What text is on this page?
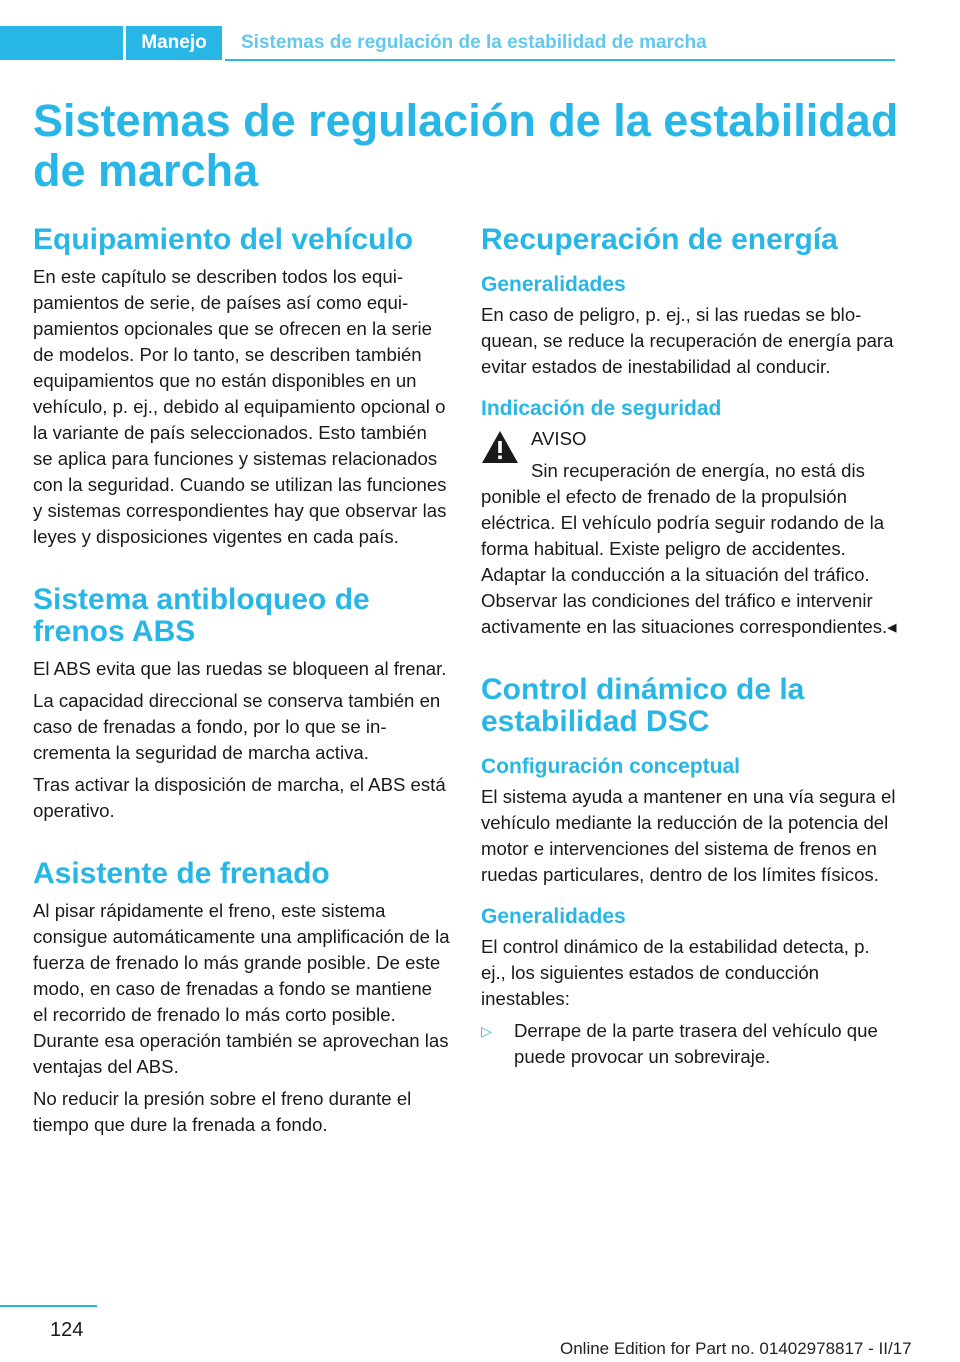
Manejo	Sistemas de regulación de la estabilidad de marcha
Sistemas de regulación de la estabilidad de marcha
Equipamiento del vehículo

En este capítulo se describen todos los equipamientos de serie, de países así como equipamientos opcionales que se ofrecen en la serie de modelos. Por lo tanto, se describen también equipamientos que no están disponibles en un vehículo, p. ej., debido al equipamiento opcional o la variante de país seleccionados. Esto también se aplica para funciones y sistemas relacionados con la seguridad. Cuando se utilizan las funciones y sistemas correspondientes hay que observar las leyes y disposiciones vigentes en cada país.

Sistema antibloqueo de frenos ABS

El ABS evita que las ruedas se bloqueen al frenar.

La capacidad direccional se conserva también en caso de frenadas a fondo, por lo que se incrementa la seguridad de marcha activa.

Tras activar la disposición de marcha, el ABS está operativo.

Asistente de frenado

Al pisar rápidamente el freno, este sistema consigue automáticamente una amplificación de la fuerza de frenado lo más grande posible. De este modo, en caso de frenadas a fondo se mantiene el recorrido de frenado lo más corto posible. Durante esa operación también se aprovechan las ventajas del ABS.

No reducir la presión sobre el freno durante el tiempo que dure la frenada a fondo.

Recuperación de energía
Generalidades

En caso de peligro, p. ej., si las ruedas se bloquean, se reduce la recuperación de energía para evitar estados de inestabilidad al conducir.

Indicación de seguridad

AVISO

Sin recuperación de energía, no está dis
ponible el efecto de frenado de la propulsión eléctrica. El vehículo podría seguir rodando de la forma habitual. Existe peligro de accidentes. Adaptar la conducción a la situación del tráfico. Observar las condiciones del tráfico e intervenir activamente en las situaciones correspondientes.◂

Control dinámico de la estabilidad DSC
Configuración conceptual

El sistema ayuda a mantener en una vía segura el vehículo mediante la reducción de la potencia del motor e intervenciones del sistema de frenos en ruedas particulares, dentro de los límites físicos.

Generalidades

El control dinámico de la estabilidad detecta, p. ej., los siguientes estados de conducción inestables:

▷ Derrape de la parte trasera del vehículo que puede provocar un sobreviraje.

124
Online Edition for Part no. 01402978817 - II/17
